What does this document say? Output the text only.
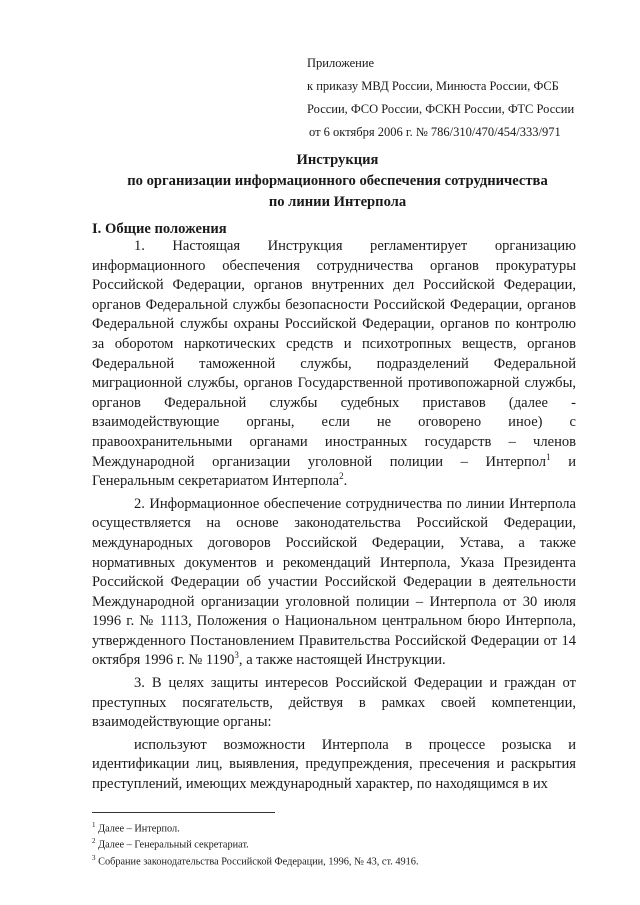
Приложение
к приказу МВД России, Минюста России, ФСБ
России, ФСО России, ФСКН России, ФТС России
от 6 октября 2006 г. № 786/310/470/454/333/971
Инструкция
по организации информационного обеспечения сотрудничества
по линии Интерпола
I. Общие положения

1. Настоящая Инструкция регламентирует организацию информационного обеспечения сотрудничества органов прокуратуры Российской Федерации, органов внутренних дел Российской Федерации, органов Федеральной службы безопасности Российской Федерации, органов Федеральной службы охраны Российской Федерации, органов по контролю за оборотом наркотических средств и психотропных веществ, органов Федеральной таможенной службы, подразделений Федеральной миграционной службы, органов Государственной противопожарной службы, органов Федеральной службы судебных приставов (далее - взаимодействующие органы, если не оговорено иное) с правоохранительными органами иностранных государств – членов Международной организации уголовной полиции – Интерпол$^1$ и Генеральным секретариатом Интерпола$^2$.

2. Информационное обеспечение сотрудничества по линии Интерпола осуществляется на основе законодательства Российской Федерации, международных договоров Российской Федерации, Устава, а также нормативных документов и рекомендаций Интерпола, Указа Президента Российской Федерации об участии Российской Федерации в деятельности Международной организации уголовной полиции – Интерпола от 30 июля 1996 г. № 1113, Положения о Национальном центральном бюро Интерпола, утвержденного Постановлением Правительства Российской Федерации от 14 октября 1996 г. № 1190$^3$, а также настоящей Инструкции.

3. В целях защиты интересов Российской Федерации и граждан от преступных посягательств, действуя в рамках своей компетенции, взаимодействующие органы:

используют возможности Интерпола в процессе розыска и идентификации лиц, выявления, предупреждения, пресечения и раскрытия преступлений, имеющих международный характер, по находящимся в их

$^1$ Далее – Интерпол.
$^2$ Далее – Генеральный секретариат.
$^3$ Собрание законодательства Российской Федерации, 1996, № 43, ст. 4916.
